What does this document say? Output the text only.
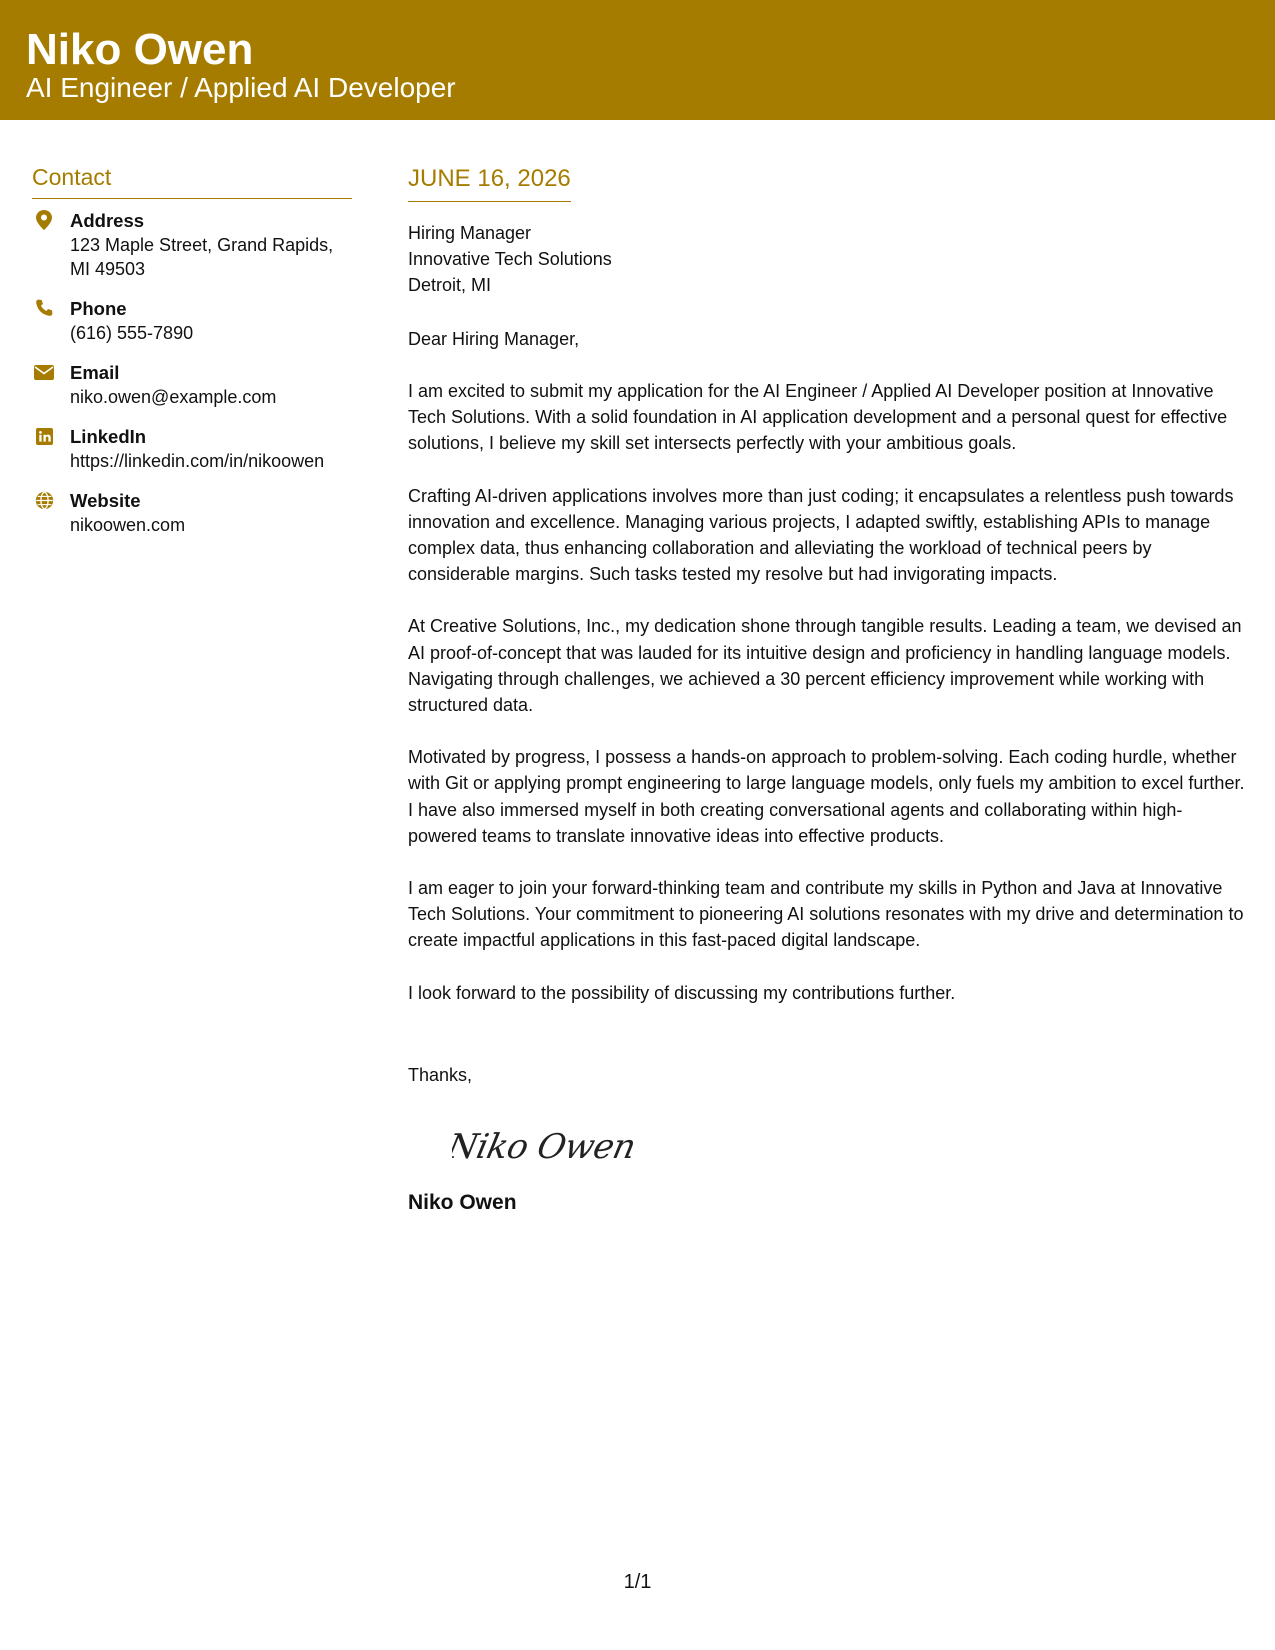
Niko Owen
AI Engineer / Applied AI Developer
Contact
Address
123 Maple Street, Grand Rapids,
MI 49503
Phone
(616) 555-7890
Email
niko.owen@example.com
LinkedIn
https://linkedin.com/in/nikoowen
Website
nikoowen.com
JUNE 16, 2026
Hiring Manager
Innovative Tech Solutions
Detroit, MI
Dear Hiring Manager,
I am excited to submit my application for the AI Engineer / Applied AI Developer position at Innovative Tech Solutions. With a solid foundation in AI application development and a personal quest for effective solutions, I believe my skill set intersects perfectly with your ambitious goals.
Crafting AI-driven applications involves more than just coding; it encapsulates a relentless push towards innovation and excellence. Managing various projects, I adapted swiftly, establishing APIs to manage complex data, thus enhancing collaboration and alleviating the workload of technical peers by considerable margins. Such tasks tested my resolve but had invigorating impacts.
At Creative Solutions, Inc., my dedication shone through tangible results. Leading a team, we devised an AI proof-of-concept that was lauded for its intuitive design and proficiency in handling language models. Navigating through challenges, we achieved a 30 percent efficiency improvement while working with structured data.
Motivated by progress, I possess a hands-on approach to problem-solving. Each coding hurdle, whether with Git or applying prompt engineering to large language models, only fuels my ambition to excel further. I have also immersed myself in both creating conversational agents and collaborating within high-powered teams to translate innovative ideas into effective products.
I am eager to join your forward-thinking team and contribute my skills in Python and Java at Innovative Tech Solutions. Your commitment to pioneering AI solutions resonates with my drive and determination to create impactful applications in this fast-paced digital landscape.
I look forward to the possibility of discussing my contributions further.
Thanks,
Niko Owen
Niko Owen
1/1
